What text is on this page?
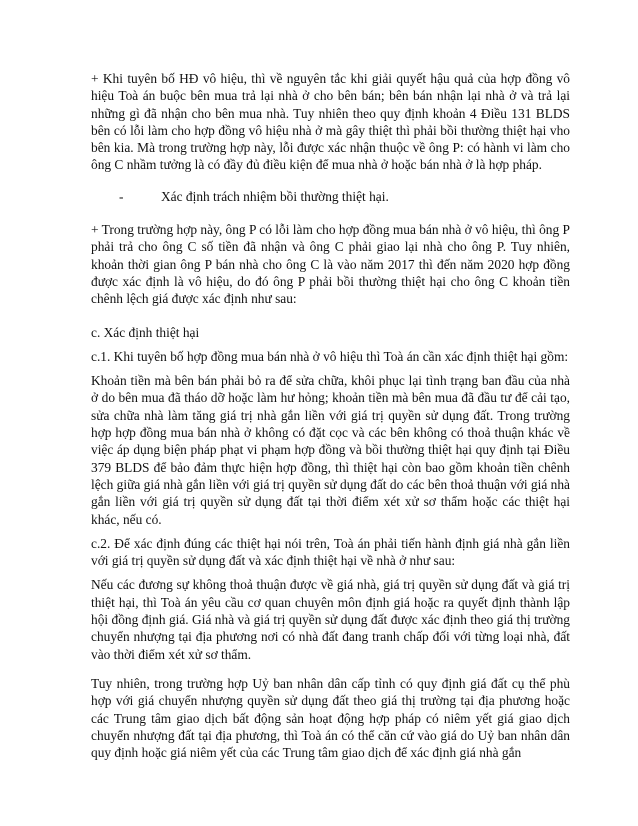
+ Khi tuyên bố HĐ vô hiệu, thì về nguyên tắc khi giải quyết hậu quả của hợp đồng vô hiệu Toà án buộc bên mua trả lại nhà ở cho bên bán; bên bán nhận lại nhà ở và trả lại những gì đã nhận cho bên mua nhà. Tuy nhiên theo quy định khoản 4 Điều 131 BLDS bên có lỗi làm cho hợp đồng vô hiệu nhà ở mà gây thiệt thì phải bồi thường thiệt hại vho bên kia. Mà trong trường hợp này, lỗi được xác nhận thuộc về ông P: có hành vi làm cho ông C nhầm tưởng là có đầy đủ điều kiện để mua nhà ở hoặc bán nhà ở là hợp pháp.

-	Xác định trách nhiệm bồi thường thiệt hại.

+ Trong trường hợp này, ông P có lỗi làm cho hợp đồng mua bán nhà ở vô hiệu, thì ông P phải trả cho ông C số tiền đã nhận và ông C phải giao lại nhà cho ông P. Tuy nhiên, khoản thời gian ông P bán nhà cho ông C là vào năm 2017 thì đến năm 2020 hợp đồng được xác định là vô hiệu, do đó ông P phải bồi thường thiệt hại cho ông C khoản tiền chênh lệch giá được xác định như sau:

c. Xác định thiệt hại

c.1. Khi tuyên bố hợp đồng mua bán nhà ở vô hiệu thì Toà án cần xác định thiệt hại gồm:

Khoản tiền mà bên bán phải bỏ ra để sửa chữa, khôi phục lại tình trạng ban đầu của nhà ở do bên mua đã tháo dỡ hoặc làm hư hỏng; khoản tiền mà bên mua đã đầu tư để cải tạo, sửa chữa nhà làm tăng giá trị nhà gắn liền với giá trị quyền sử dụng đất. Trong trường hợp hợp đồng mua bán nhà ở không có đặt cọc và các bên không có thoả thuận khác về việc áp dụng biện pháp phạt vi phạm hợp đồng và bồi thường thiệt hại quy định tại Điều 379 BLDS để bảo đảm thực hiện hợp đồng, thì thiệt hại còn bao gồm khoản tiền chênh lệch giữa giá nhà gắn liền với giá trị quyền sử dụng đất do các bên thoả thuận với giá nhà gắn liền với giá trị quyền sử dụng đất tại thời điểm xét xử sơ thẩm hoặc các thiệt hại khác, nếu có.

c.2. Để xác định đúng các thiệt hại nói trên, Toà án phải tiến hành định giá nhà gắn liền với giá trị quyền sử dụng đất và xác định thiệt hại về nhà ở như sau:

Nếu các đương sự không thoả thuận được về giá nhà, giá trị quyền sử dụng đất và giá trị thiệt hại, thì Toà án yêu cầu cơ quan chuyên môn định giá hoặc ra quyết định thành lập hội đồng định giá. Giá nhà và giá trị quyền sử dụng đất được xác định theo giá thị trường chuyển nhượng tại địa phương nơi có nhà đất đang tranh chấp đối với từng loại nhà, đất vào thời điểm xét xử sơ thẩm.

Tuy nhiên, trong trường hợp Uỷ ban nhân dân cấp tỉnh có quy định giá đất cụ thể phù hợp với giá chuyển nhượng quyền sử dụng đất theo giá thị trường tại địa phương hoặc các Trung tâm giao dịch bất động sản hoạt động hợp pháp có niêm yết giá giao dịch chuyển nhượng đất tại địa phương, thì Toà án có thể căn cứ vào giá do Uỷ ban nhân dân quy định hoặc giá niêm yết của các Trung tâm giao dịch để xác định giá nhà gắn
